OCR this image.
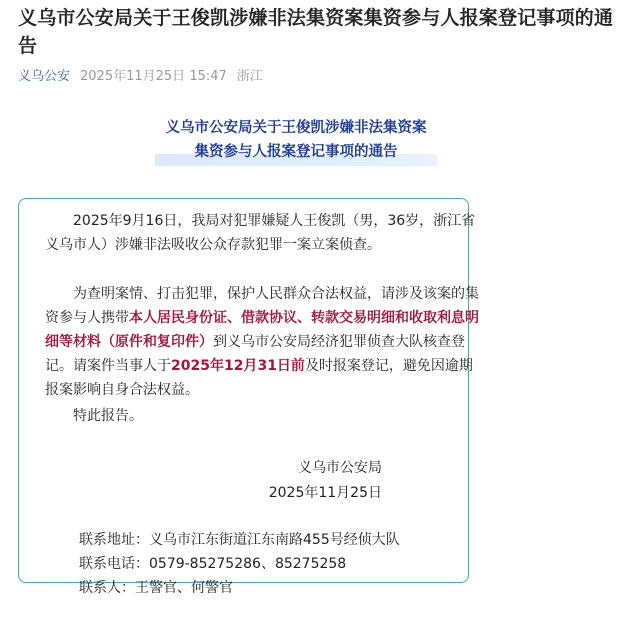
义乌市公安局关于王俊凯涉嫌非法集资案集资参与人报案登记事项的通告
义乌公安 2025年11月25日 15:47 浙江
义乌市公安局关于王俊凯涉嫌非法集资案
集资参与人报案登记事项的通告

2025年9月16日，我局对犯罪嫌疑人王俊凯（男，36岁，浙江省义乌市人）涉嫌非法吸收公众存款犯罪一案立案侦查。

为查明案情、打击犯罪，保护人民群众合法权益，请涉及该案的集资参与人携带本人居民身份证、借款协议、转款交易明细和收取利息明细等材料（原件和复印件）到义乌市公安局经济犯罪侦查大队核查登记。请案件当事人于2025年12月31日前及时报案登记，避免因逾期报案影响自身合法权益。

特此报告。

义乌市公安局
2025年11月25日
联系地址：义乌市江东街道江东南路455号经侦大队
联系电话：0579-85275286、85275258
联系人：王警官、何警官
